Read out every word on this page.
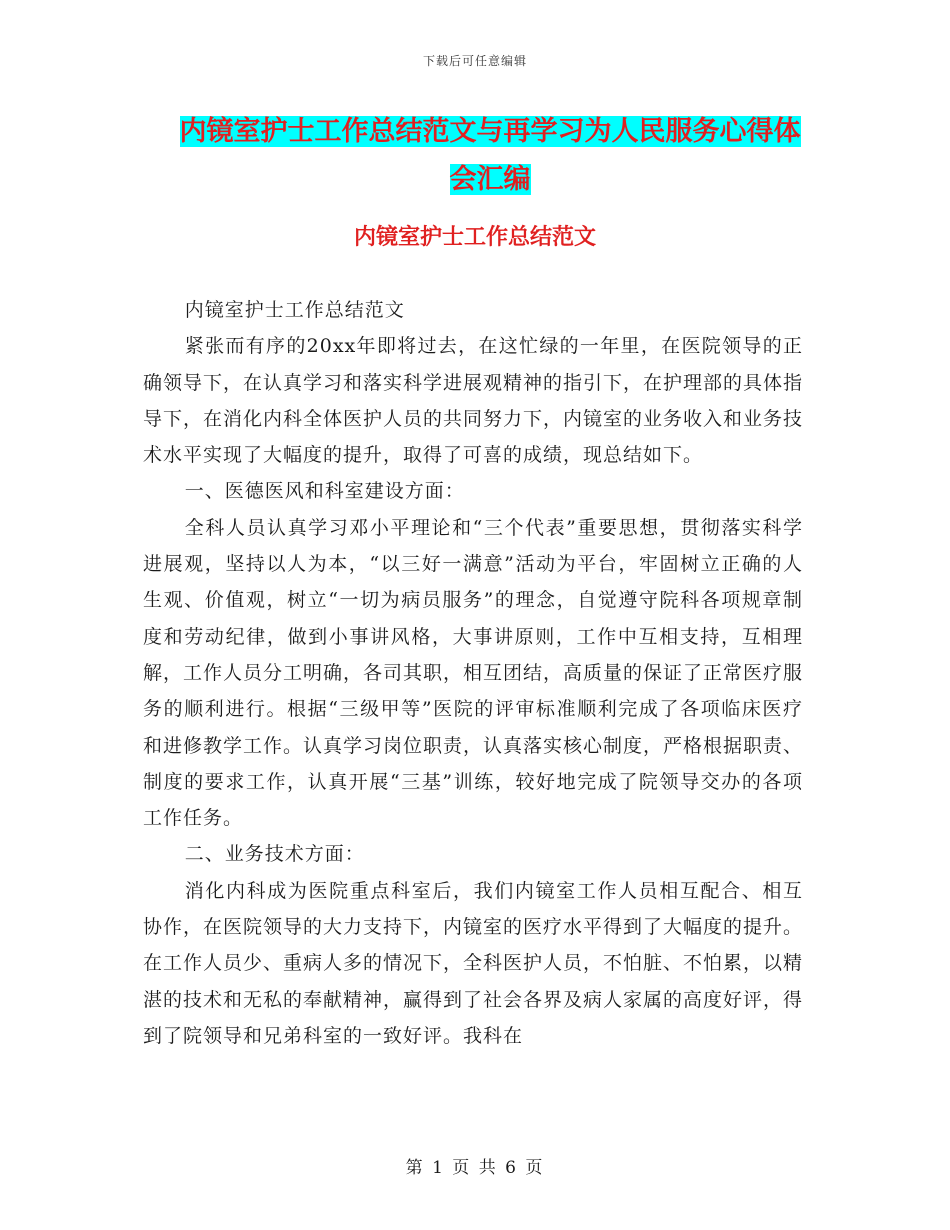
下载后可任意编辑
内镜室护士工作总结范文与再学习为人民服务心得体
会汇编
内镜室护士工作总结范文

内镜室护士工作总结范文

紧张而有序的20xx年即将过去，在这忙绿的一年里，在医院领导的正确领导下，在认真学习和落实科学进展观精神的指引下，在护理部的具体指导下，在消化内科全体医护人员的共同努力下，内镜室的业务收入和业务技术水平实现了大幅度的提升，取得了可喜的成绩，现总结如下。

一、医德医风和科室建设方面：

全科人员认真学习邓小平理论和“三个代表”重要思想，贯彻落实科学进展观，坚持以人为本，“以三好一满意”活动为平台，牢固树立正确的人生观、价值观，树立“一切为病员服务”的理念，自觉遵守院科各项规章制度和劳动纪律，做到小事讲风格，大事讲原则，工作中互相支持，互相理解，工作人员分工明确，各司其职，相互团结，高质量的保证了正常医疗服务的顺利进行。根据“三级甲等”医院的评审标准顺利完成了各项临床医疗和进修教学工作。认真学习岗位职责，认真落实核心制度，严格根据职责、制度的要求工作，认真开展“三基”训练，较好地完成了院领导交办的各项工作任务。

二、业务技术方面：

消化内科成为医院重点科室后，我们内镜室工作人员相互配合、相互协作，在医院领导的大力支持下，内镜室的医疗水平得到了大幅度的提升。在工作人员少、重病人多的情况下，全科医护人员，不怕脏、不怕累，以精湛的技术和无私的奉献精神，赢得到了社会各界及病人家属的高度好评，得到了院领导和兄弟科室的一致好评。我科在

第 1 页 共 6 页
